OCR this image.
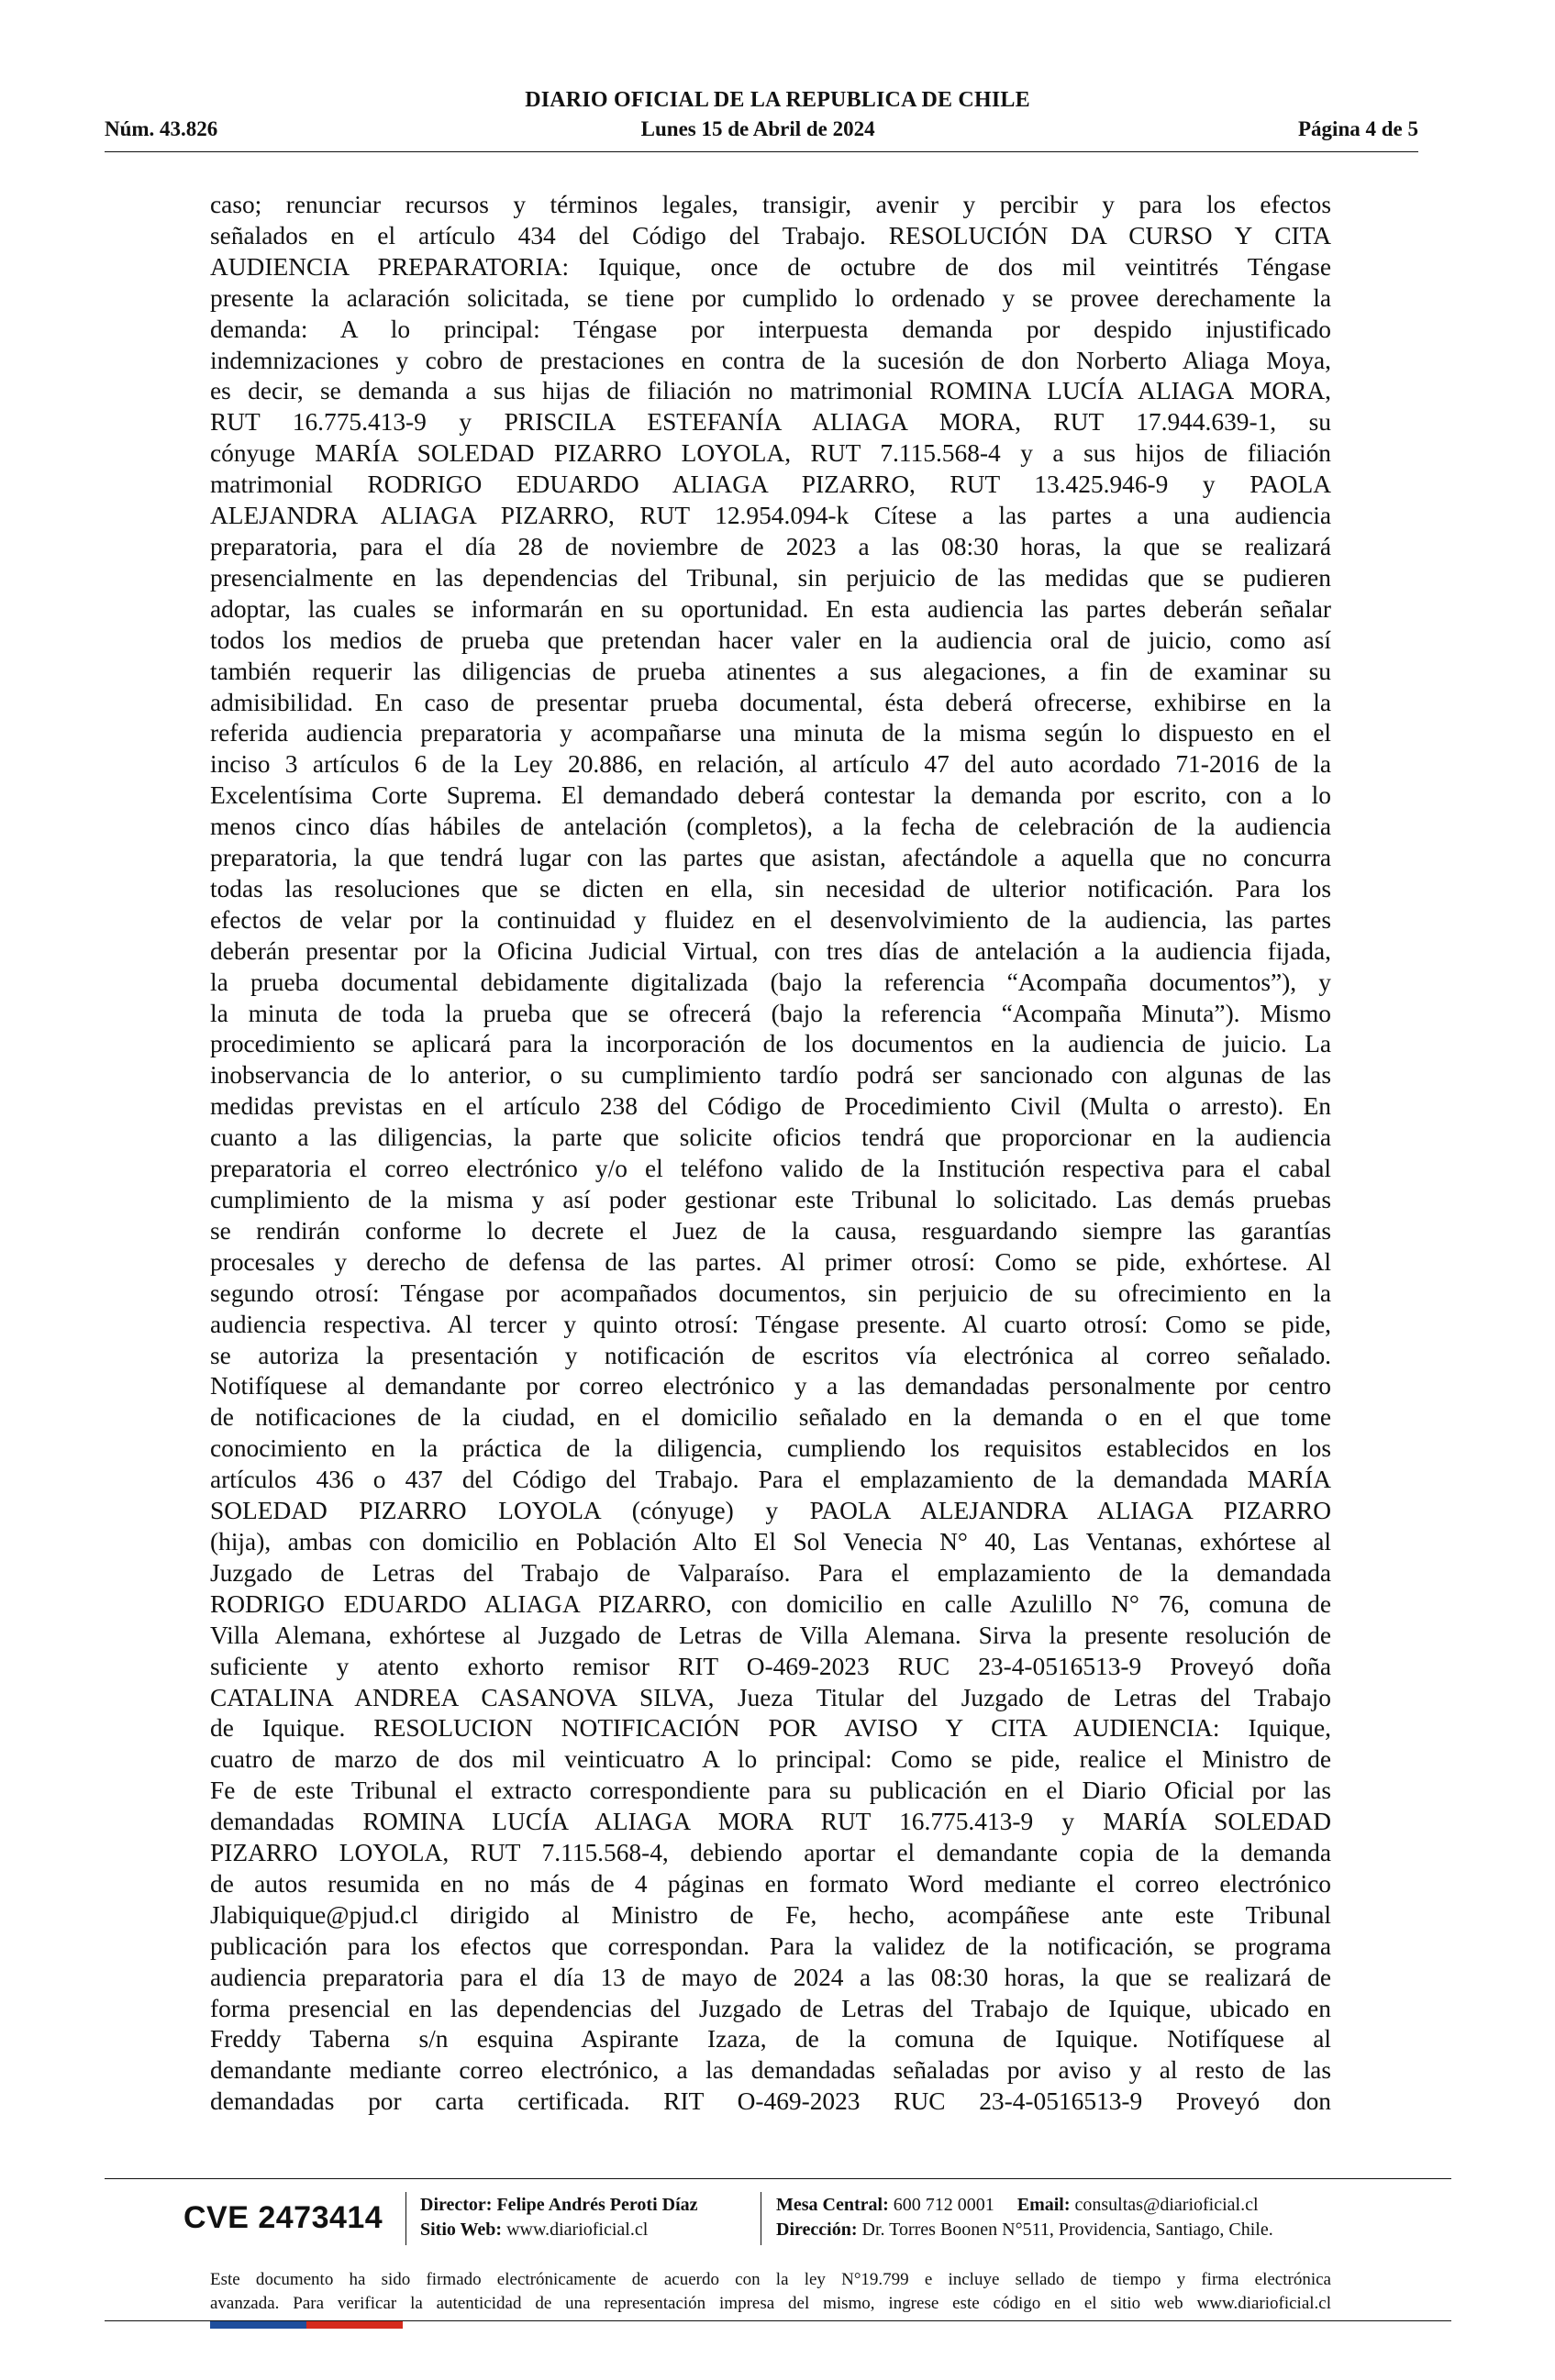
DIARIO OFICIAL DE LA REPUBLICA DE CHILE
Núm. 43.826	Lunes 15 de Abril de 2024	Página 4 de 5
caso; renunciar recursos y términos legales, transigir, avenir y percibir y para los efectos
señalados en el artículo 434 del Código del Trabajo. RESOLUCIÓN DA CURSO Y CITA
AUDIENCIA PREPARATORIA: Iquique, once de octubre de dos mil veintitrés Téngase
presente la aclaración solicitada, se tiene por cumplido lo ordenado y se provee derechamente la
demanda: A lo principal: Téngase por interpuesta demanda por despido injustificado
indemnizaciones y cobro de prestaciones en contra de la sucesión de don Norberto Aliaga Moya,
es decir, se demanda a sus hijas de filiación no matrimonial ROMINA LUCÍA ALIAGA MORA,
RUT 16.775.413-9 y PRISCILA ESTEFANÍA ALIAGA MORA, RUT 17.944.639-1, su
cónyuge MARÍA SOLEDAD PIZARRO LOYOLA, RUT 7.115.568-4 y a sus hijos de filiación
matrimonial RODRIGO EDUARDO ALIAGA PIZARRO, RUT 13.425.946-9 y PAOLA
ALEJANDRA ALIAGA PIZARRO, RUT 12.954.094-k Cítese a las partes a una audiencia
preparatoria, para el día 28 de noviembre de 2023 a las 08:30 horas, la que se realizará
presencialmente en las dependencias del Tribunal, sin perjuicio de las medidas que se pudieren
adoptar, las cuales se informarán en su oportunidad. En esta audiencia las partes deberán señalar
todos los medios de prueba que pretendan hacer valer en la audiencia oral de juicio, como así
también requerir las diligencias de prueba atinentes a sus alegaciones, a fin de examinar su
admisibilidad. En caso de presentar prueba documental, ésta deberá ofrecerse, exhibirse en la
referida audiencia preparatoria y acompañarse una minuta de la misma según lo dispuesto en el
inciso 3 artículos 6 de la Ley 20.886, en relación, al artículo 47 del auto acordado 71-2016 de la
Excelentísima Corte Suprema. El demandado deberá contestar la demanda por escrito, con a lo
menos cinco días hábiles de antelación (completos), a la fecha de celebración de la audiencia
preparatoria, la que tendrá lugar con las partes que asistan, afectándole a aquella que no concurra
todas las resoluciones que se dicten en ella, sin necesidad de ulterior notificación. Para los
efectos de velar por la continuidad y fluidez en el desenvolvimiento de la audiencia, las partes
deberán presentar por la Oficina Judicial Virtual, con tres días de antelación a la audiencia fijada,
la prueba documental debidamente digitalizada (bajo la referencia “Acompaña documentos”), y
la minuta de toda la prueba que se ofrecerá (bajo la referencia “Acompaña Minuta”). Mismo
procedimiento se aplicará para la incorporación de los documentos en la audiencia de juicio. La
inobservancia de lo anterior, o su cumplimiento tardío podrá ser sancionado con algunas de las
medidas previstas en el artículo 238 del Código de Procedimiento Civil (Multa o arresto). En
cuanto a las diligencias, la parte que solicite oficios tendrá que proporcionar en la audiencia
preparatoria el correo electrónico y/o el teléfono valido de la Institución respectiva para el cabal
cumplimiento de la misma y así poder gestionar este Tribunal lo solicitado. Las demás pruebas
se rendirán conforme lo decrete el Juez de la causa, resguardando siempre las garantías
procesales y derecho de defensa de las partes. Al primer otrosí: Como se pide, exhórtese. Al
segundo otrosí: Téngase por acompañados documentos, sin perjuicio de su ofrecimiento en la
audiencia respectiva. Al tercer y quinto otrosí: Téngase presente. Al cuarto otrosí: Como se pide,
se autoriza la presentación y notificación de escritos vía electrónica al correo señalado.
Notifíquese al demandante por correo electrónico y a las demandadas personalmente por centro
de notificaciones de la ciudad, en el domicilio señalado en la demanda o en el que tome
conocimiento en la práctica de la diligencia, cumpliendo los requisitos establecidos en los
artículos 436 o 437 del Código del Trabajo. Para el emplazamiento de la demandada MARÍA
SOLEDAD PIZARRO LOYOLA (cónyuge) y PAOLA ALEJANDRA ALIAGA PIZARRO
(hija), ambas con domicilio en Población Alto El Sol Venecia N° 40, Las Ventanas, exhórtese al
Juzgado de Letras del Trabajo de Valparaíso. Para el emplazamiento de la demandada
RODRIGO EDUARDO ALIAGA PIZARRO, con domicilio en calle Azulillo N° 76, comuna de
Villa Alemana, exhórtese al Juzgado de Letras de Villa Alemana. Sirva la presente resolución de
suficiente y atento exhorto remisor RIT O-469-2023 RUC 23-4-0516513-9 Proveyó doña
CATALINA ANDREA CASANOVA SILVA, Jueza Titular del Juzgado de Letras del Trabajo
de Iquique. RESOLUCION NOTIFICACIÓN POR AVISO Y CITA AUDIENCIA: Iquique,
cuatro de marzo de dos mil veinticuatro A lo principal: Como se pide, realice el Ministro de
Fe de este Tribunal el extracto correspondiente para su publicación en el Diario Oficial por las
demandadas ROMINA LUCÍA ALIAGA MORA RUT 16.775.413-9 y MARÍA SOLEDAD
PIZARRO LOYOLA, RUT 7.115.568-4, debiendo aportar el demandante copia de la demanda
de autos resumida en no más de 4 páginas en formato Word mediante el correo electrónico
Jlabiquique@pjud.cl dirigido al Ministro de Fe, hecho, acompáñese ante este Tribunal
publicación para los efectos que correspondan. Para la validez de la notificación, se programa
audiencia preparatoria para el día 13 de mayo de 2024 a las 08:30 horas, la que se realizará de
forma presencial en las dependencias del Juzgado de Letras del Trabajo de Iquique, ubicado en
Freddy Taberna s/n esquina Aspirante Izaza, de la comuna de Iquique. Notifíquese al
demandante mediante correo electrónico, a las demandadas señaladas por aviso y al resto de las
demandadas por carta certificada. RIT O-469-2023 RUC 23-4-0516513-9 Proveyó don
CVE 2473414 Director: Felipe Andrés Peroti Díaz
Sitio Web: www.diarioficial.cl
Mesa Central: 600 712 0001 Email: consultas@diarioficial.cl
Dirección: Dr. Torres Boonen N°511, Providencia, Santiago, Chile.
Este documento ha sido firmado electrónicamente de acuerdo con la ley N°19.799 e incluye sellado de tiempo y firma electrónica
avanzada. Para verificar la autenticidad de una representación impresa del mismo, ingrese este código en el sitio web www.diarioficial.cl
